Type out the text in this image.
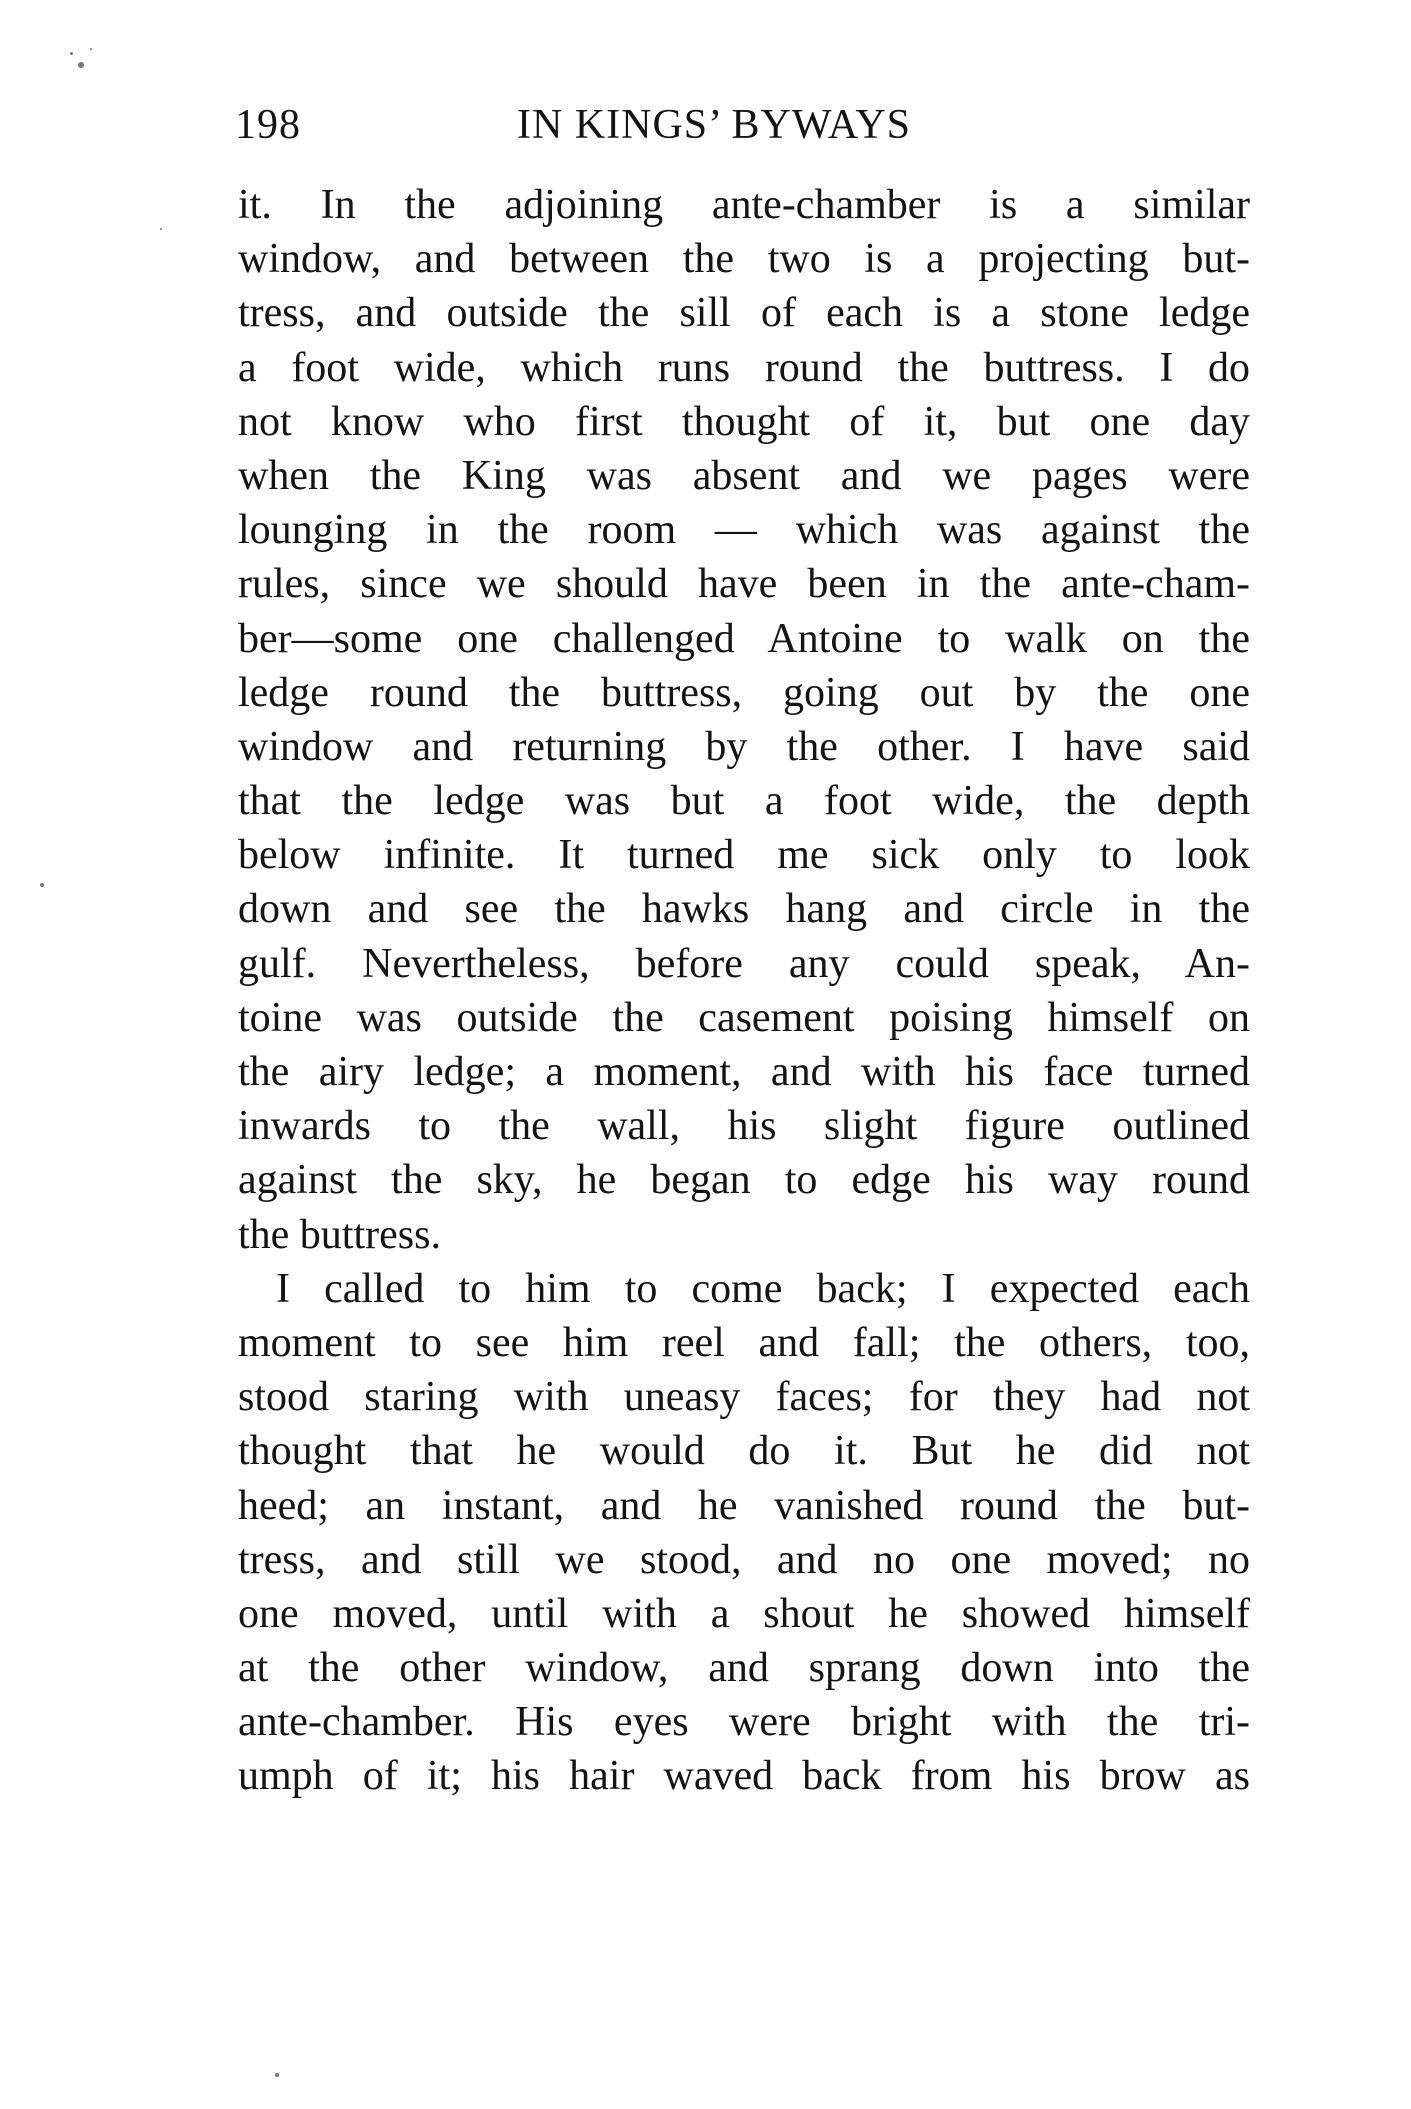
198	IN KINGS’ BYWAYS
it. In the adjoining ante-chamber is a similar
window, and between the two is a projecting but-
tress, and outside the sill of each is a stone ledge
a foot wide, which runs round the buttress. I do
not know who first thought of it, but one day
when the King was absent and we pages were
lounging in the room — which was against the
rules, since we should have been in the ante-cham-
ber—some one challenged Antoine to walk on the
ledge round the buttress, going out by the one
window and returning by the other. I have said
that the ledge was but a foot wide, the depth
below infinite. It turned me sick only to look
down and see the hawks hang and circle in the
gulf. Nevertheless, before any could speak, An-
toine was outside the casement poising himself on
the airy ledge; a moment, and with his face turned
inwards to the wall, his slight figure outlined
against the sky, he began to edge his way round
the buttress.
I called to him to come back; I expected each
moment to see him reel and fall; the others, too,
stood staring with uneasy faces; for they had not
thought that he would do it. But he did not
heed; an instant, and he vanished round the but-
tress, and still we stood, and no one moved; no
one moved, until with a shout he showed himself
at the other window, and sprang down into the
ante-chamber. His eyes were bright with the tri-
umph of it; his hair waved back from his brow as
